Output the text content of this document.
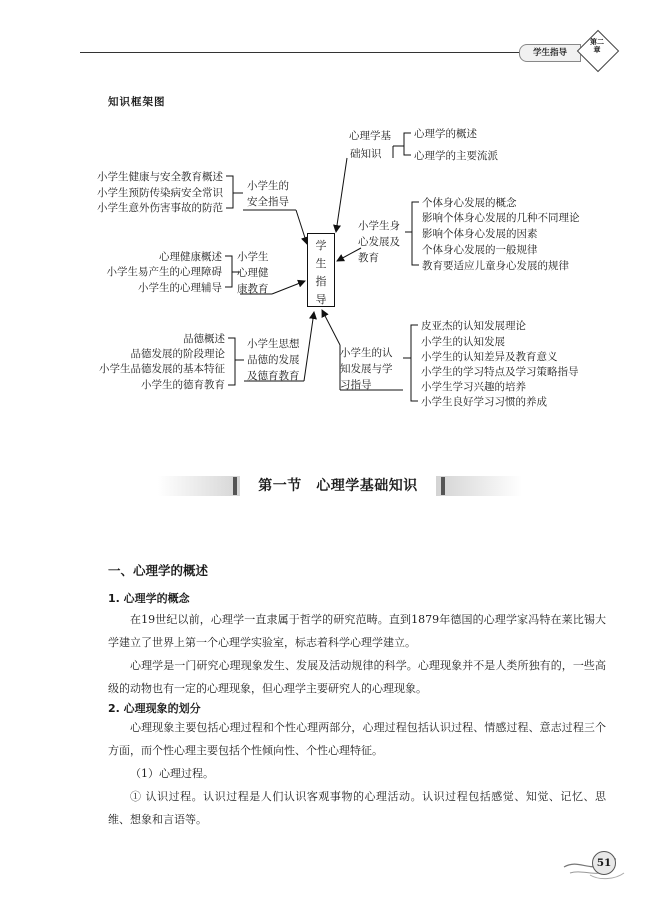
学生指导
第二章
知识框架图
学
生
指
导
心理学基
础知识
心理学的概述
心理学的主要流派
小学生身
心发展及
教育
个体身心发展的概念
影响个体身心发展的几种不同理论
影响个体身心发展的因素
个体身心发展的一般规律
教育要适应儿童身心发展的规律
小学生的认
知发展与学
习指导
皮亚杰的认知发展理论
小学生的认知发展
小学生的认知差异及教育意义
小学生的学习特点及学习策略指导
小学生学习兴趣的培养
小学生良好学习习惯的养成
小学生健康与安全教育概述
小学生预防传染病安全常识
小学生意外伤害事故的防范
小学生的
安全指导
心理健康概述
小学生易产生的心理障碍
小学生的心理辅导
小学生
心理健
康教育
品德概述
品德发展的阶段理论
小学生品德发展的基本特征
小学生的德育教育
小学生思想
品德的发展
及德育教育
第一节　心理学基础知识
一、心理学的概述
1. 心理学的概念
在19世纪以前，心理学一直隶属于哲学的研究范畴。直到1879年德国的心理学家冯特在莱比锡大学建立了世界上第一个心理学实验室，标志着科学心理学建立。
心理学是一门研究心理现象发生、发展及活动规律的科学。心理现象并不是人类所独有的，一些高级的动物也有一定的心理现象，但心理学主要研究人的心理现象。
2. 心理现象的划分
心理现象主要包括心理过程和个性心理两部分，心理过程包括认识过程、情感过程、意志过程三个方面，而个性心理主要包括个性倾向性、个性心理特征。
（1）心理过程。
① 认识过程。认识过程是人们认识客观事物的心理活动。认识过程包括感觉、知觉、记忆、思维、想象和言语等。
51
